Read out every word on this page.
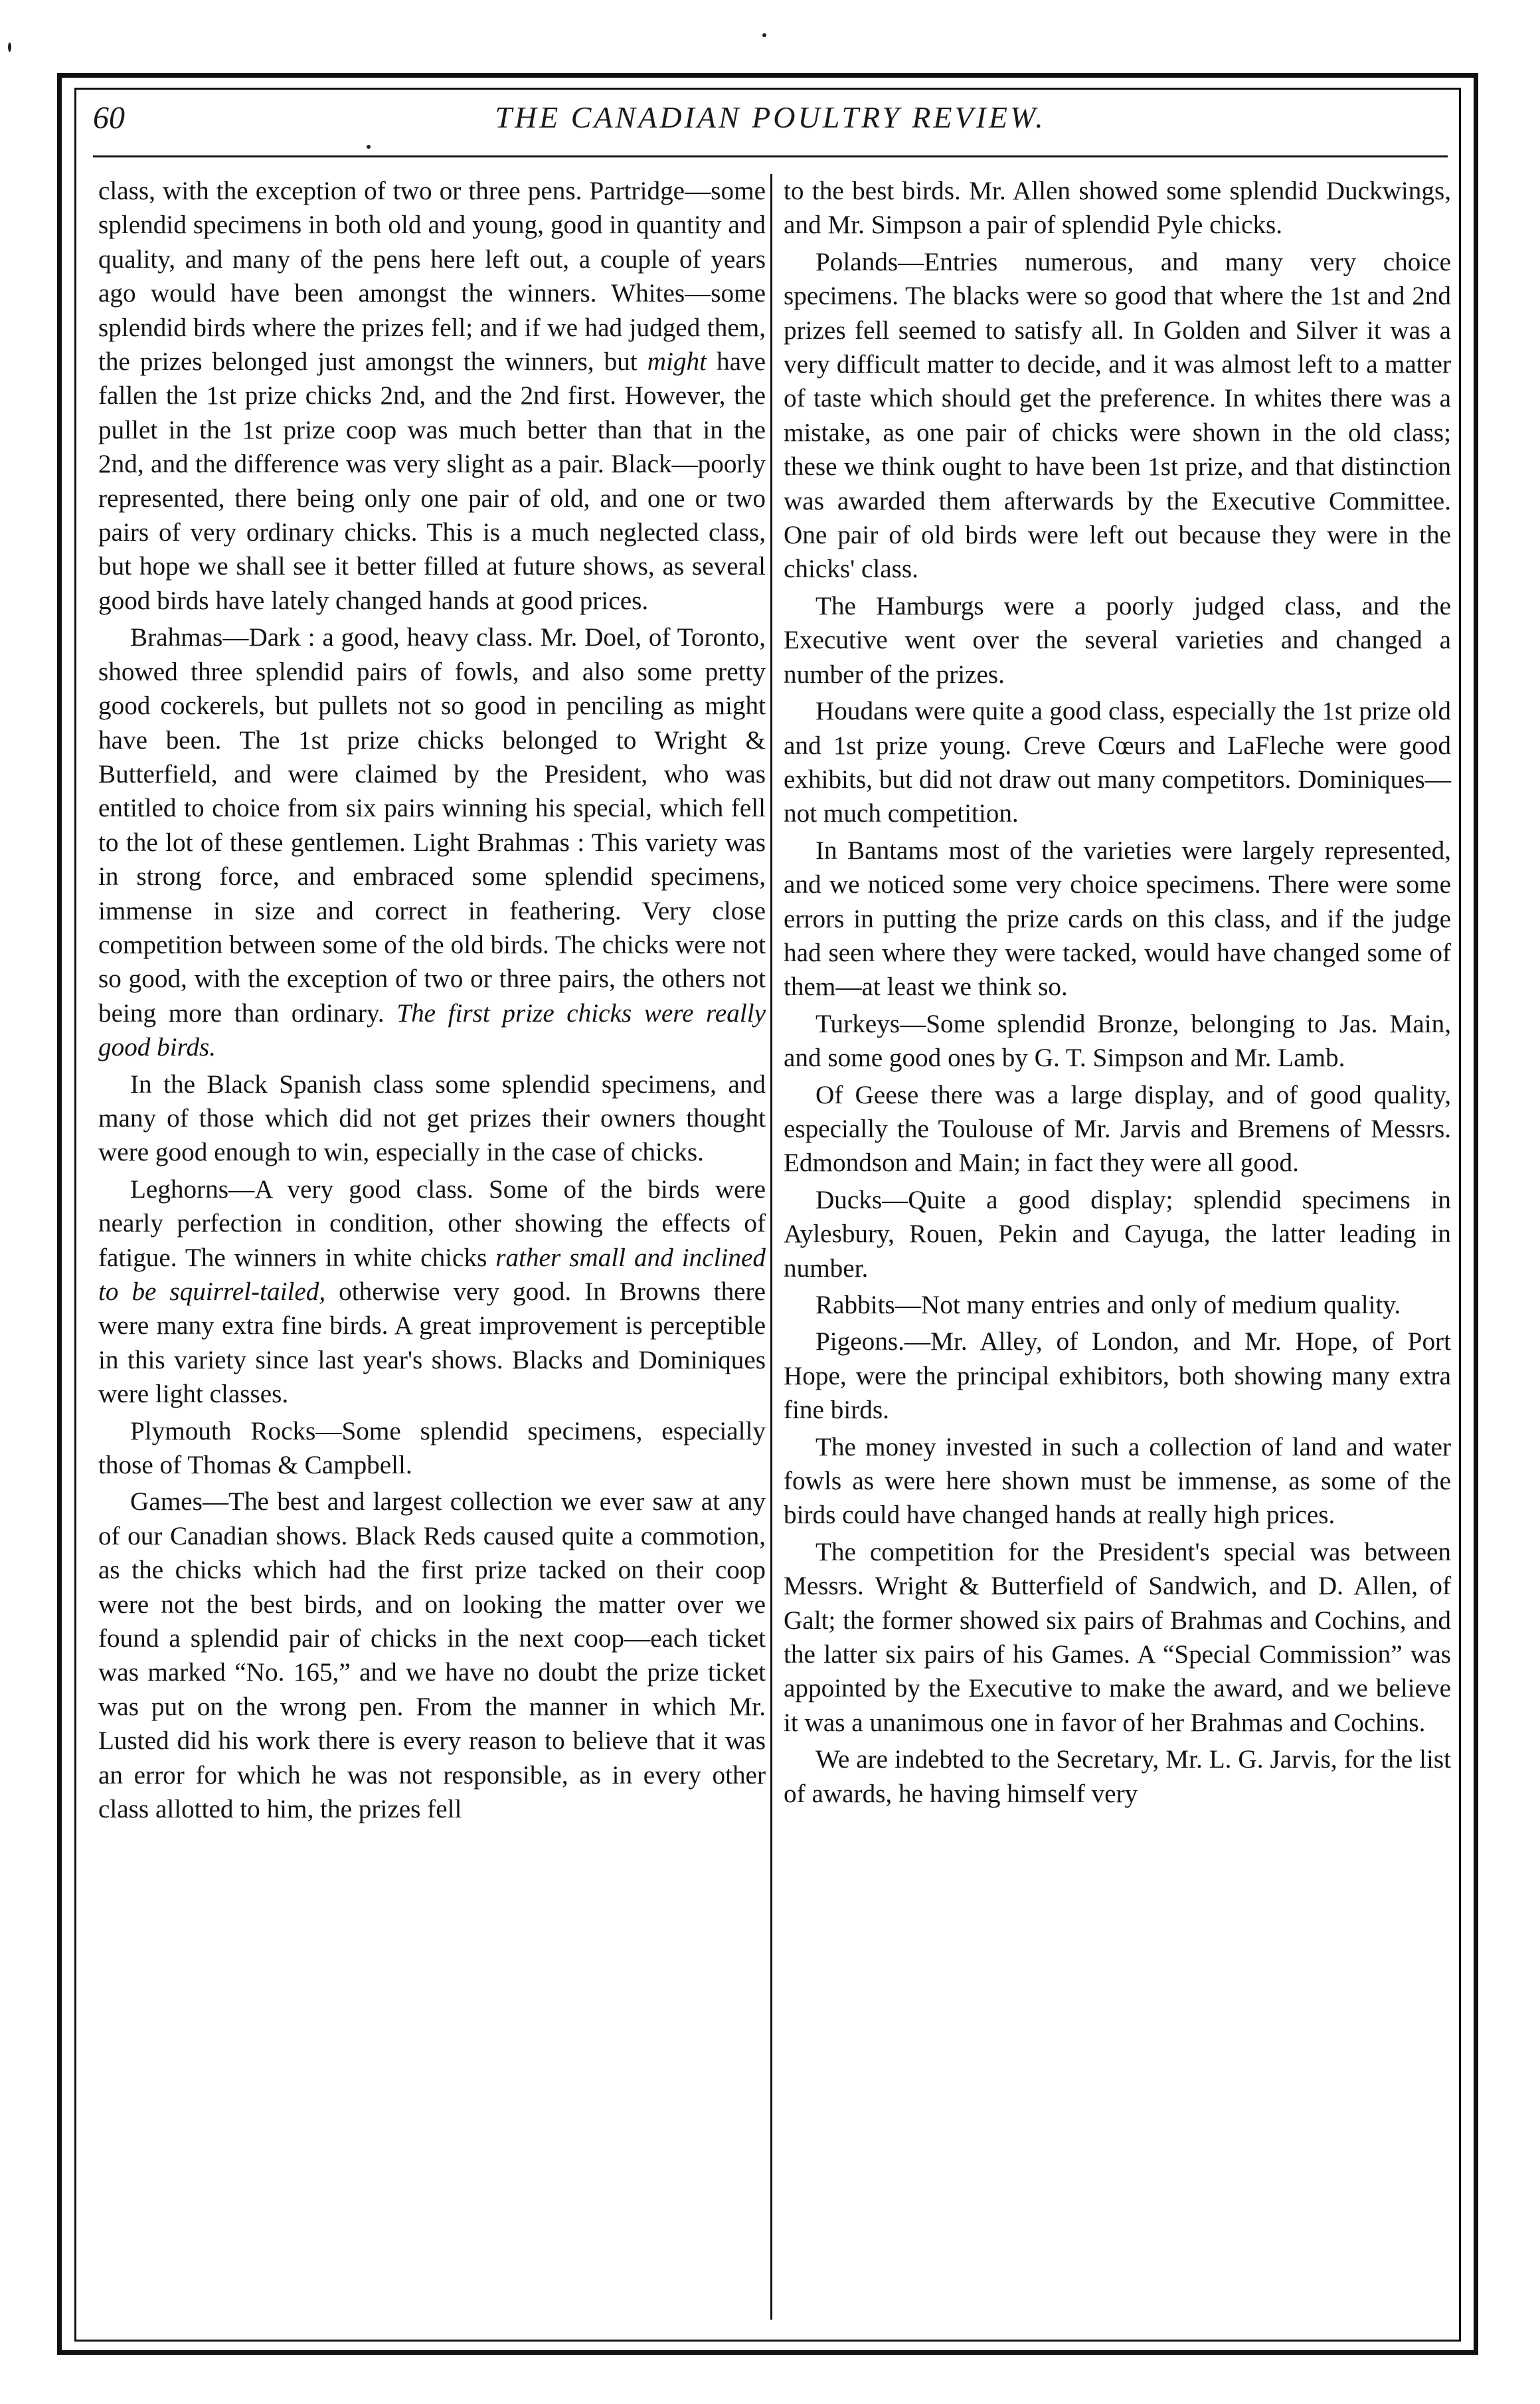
60	THE CANADIAN POULTRY REVIEW.

class, with the exception of two or three pens. Partridge—some splendid specimens in both old and young, good in quantity and quality, and many of the pens here left out, a couple of years ago would have been amongst the winners. Whites—some splendid birds where the prizes fell; and if we had judged them, the prizes belonged just amongst the winners, but might have fallen the 1st prize chicks 2nd, and the 2nd first. However, the pullet in the 1st prize coop was much better than that in the 2nd, and the difference was very slight as a pair. Black—poorly represented, there being only one pair of old, and one or two pairs of very ordinary chicks. This is a much neglected class, but hope we shall see it better filled at future shows, as several good birds have lately changed hands at good prices.

Brahmas—Dark : a good, heavy class. Mr. Doel, of Toronto, showed three splendid pairs of fowls, and also some pretty good cockerels, but pullets not so good in penciling as might have been. The 1st prize chicks belonged to Wright & Butterfield, and were claimed by the President, who was entitled to choice from six pairs winning his special, which fell to the lot of these gentlemen. Light Brahmas : This variety was in strong force, and embraced some splendid specimens, immense in size and correct in feathering. Very close competition between some of the old birds. The chicks were not so good, with the exception of two or three pairs, the others not being more than ordinary. The first prize chicks were really good birds.

In the Black Spanish class some splendid specimens, and many of those which did not get prizes their owners thought were good enough to win, especially in the case of chicks.

Leghorns—A very good class. Some of the birds were nearly perfection in condition, other showing the effects of fatigue. The winners in white chicks rather small and inclined to be squirrel-tailed, otherwise very good. In Browns there were many extra fine birds. A great improvement is perceptible in this variety since last year's shows. Blacks and Dominiques were light classes.

Plymouth Rocks—Some splendid specimens, especially those of Thomas & Campbell.

Games—The best and largest collection we ever saw at any of our Canadian shows. Black Reds caused quite a commotion, as the chicks which had the first prize tacked on their coop were not the best birds, and on looking the matter over we found a splendid pair of chicks in the next coop—each ticket was marked “No. 165,” and we have no doubt the prize ticket was put on the wrong pen. From the manner in which Mr. Lusted did his work there is every reason to believe that it was an error for which he was not responsible, as in every other class allotted to him, the prizes fell

to the best birds. Mr. Allen showed some splendid Duckwings, and Mr. Simpson a pair of splendid Pyle chicks.

Polands—Entries numerous, and many very choice specimens. The blacks were so good that where the 1st and 2nd prizes fell seemed to satisfy all. In Golden and Silver it was a very difficult matter to decide, and it was almost left to a matter of taste which should get the preference. In whites there was a mistake, as one pair of chicks were shown in the old class; these we think ought to have been 1st prize, and that distinction was awarded them afterwards by the Executive Committee. One pair of old birds were left out because they were in the chicks' class.

The Hamburgs were a poorly judged class, and the Executive went over the several varieties and changed a number of the prizes.

Houdans were quite a good class, especially the 1st prize old and 1st prize young. Creve Cœurs and LaFleche were good exhibits, but did not draw out many competitors. Dominiques—not much competition.

In Bantams most of the varieties were largely represented, and we noticed some very choice specimens. There were some errors in putting the prize cards on this class, and if the judge had seen where they were tacked, would have changed some of them—at least we think so.

Turkeys—Some splendid Bronze, belonging to Jas. Main, and some good ones by G. T. Simpson and Mr. Lamb.

Of Geese there was a large display, and of good quality, especially the Toulouse of Mr. Jarvis and Bremens of Messrs. Edmondson and Main; in fact they were all good.

Ducks—Quite a good display; splendid specimens in Aylesbury, Rouen, Pekin and Cayuga, the latter leading in number.

Rabbits—Not many entries and only of medium quality.

Pigeons.—Mr. Alley, of London, and Mr. Hope, of Port Hope, were the principal exhibitors, both showing many extra fine birds.

The money invested in such a collection of land and water fowls as were here shown must be immense, as some of the birds could have changed hands at really high prices.

The competition for the President's special was between Messrs. Wright & Butterfield of Sandwich, and D. Allen, of Galt; the former showed six pairs of Brahmas and Cochins, and the latter six pairs of his Games. A “Special Commission” was appointed by the Executive to make the award, and we believe it was a unanimous one in favor of her Brahmas and Cochins.

We are indebted to the Secretary, Mr. L. G. Jarvis, for the list of awards, he having himself very
